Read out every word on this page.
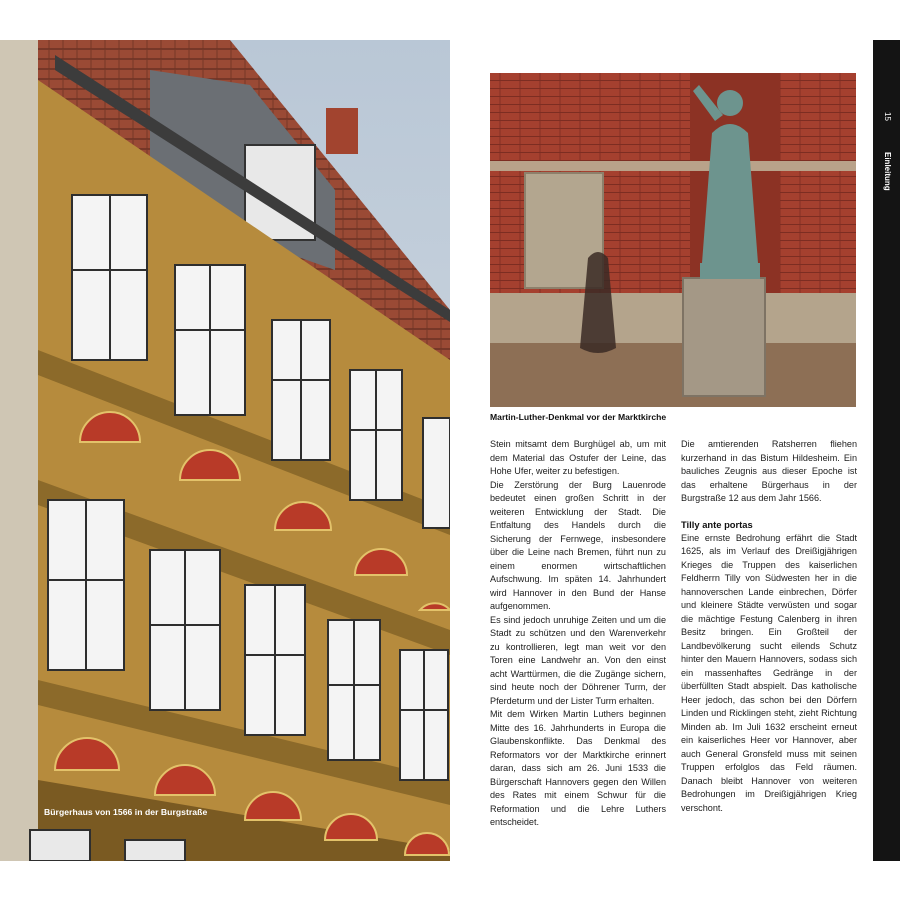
Bürgerhaus von 1566 in der Burgstraße
Martin-Luther-Denkmal vor der Marktkirche

Stein mitsamt dem Burghügel ab, um mit dem Material das Ostufer der Leine, das Hohe Ufer, weiter zu befestigen.

Die Zerstörung der Burg Lauenrode bedeutet einen großen Schritt in der weiteren Entwicklung der Stadt. Die Entfaltung des Handels durch die Sicherung der Fernwege, insbesondere über die Leine nach Bremen, führt nun zu einem enormen wirtschaftlichen Aufschwung. Im späten 14. Jahrhundert wird Hannover in den Bund der Hanse aufgenommen.

Es sind jedoch unruhige Zeiten und um die Stadt zu schützen und den Warenverkehr zu kontrollieren, legt man weit vor den Toren eine Landwehr an. Von den einst acht Warttürmen, die die Zugänge sichern, sind heute noch der Döhrener Turm, der Pferdeturm und der Lister Turm erhalten.

Mit dem Wirken Martin Luthers beginnen Mitte des 16. Jahrhunderts in Europa die Glaubenskonflikte. Das Denkmal des Reformators vor der Marktkirche erinnert daran, dass sich am 26. Juni 1533 die Bürgerschaft Hannovers gegen den Willen des Rates mit einem Schwur für die Reformation und die Lehre Luthers entscheidet.

Die amtierenden Ratsherren fliehen kurzerhand in das Bistum Hildesheim. Ein bauliches Zeugnis aus dieser Epoche ist das erhaltene Bürgerhaus in der Burgstraße 12 aus dem Jahr 1566.

Tilly ante portas

Eine ernste Bedrohung erfährt die Stadt 1625, als im Verlauf des Dreißigjährigen Krieges die Truppen des kaiserlichen Feldherrn Tilly von Südwesten her in die hannoverschen Lande einbrechen, Dörfer und kleinere Städte verwüsten und sogar die mächtige Festung Calenberg in ihren Besitz bringen. Ein Großteil der Landbevölkerung sucht eilends Schutz hinter den Mauern Hannovers, sodass sich ein massenhaftes Gedränge in der überfüllten Stadt abspielt. Das katholische Heer jedoch, das schon bei den Dörfern Linden und Ricklingen steht, zieht Richtung Minden ab. Im Juli 1632 erscheint erneut ein kaiserliches Heer vor Hannover, aber auch General Gronsfeld muss mit seinen Truppen erfolglos das Feld räumen. Danach bleibt Hannover von weiteren Bedrohungen im Dreißigjährigen Krieg verschont.

15
Einleitung
